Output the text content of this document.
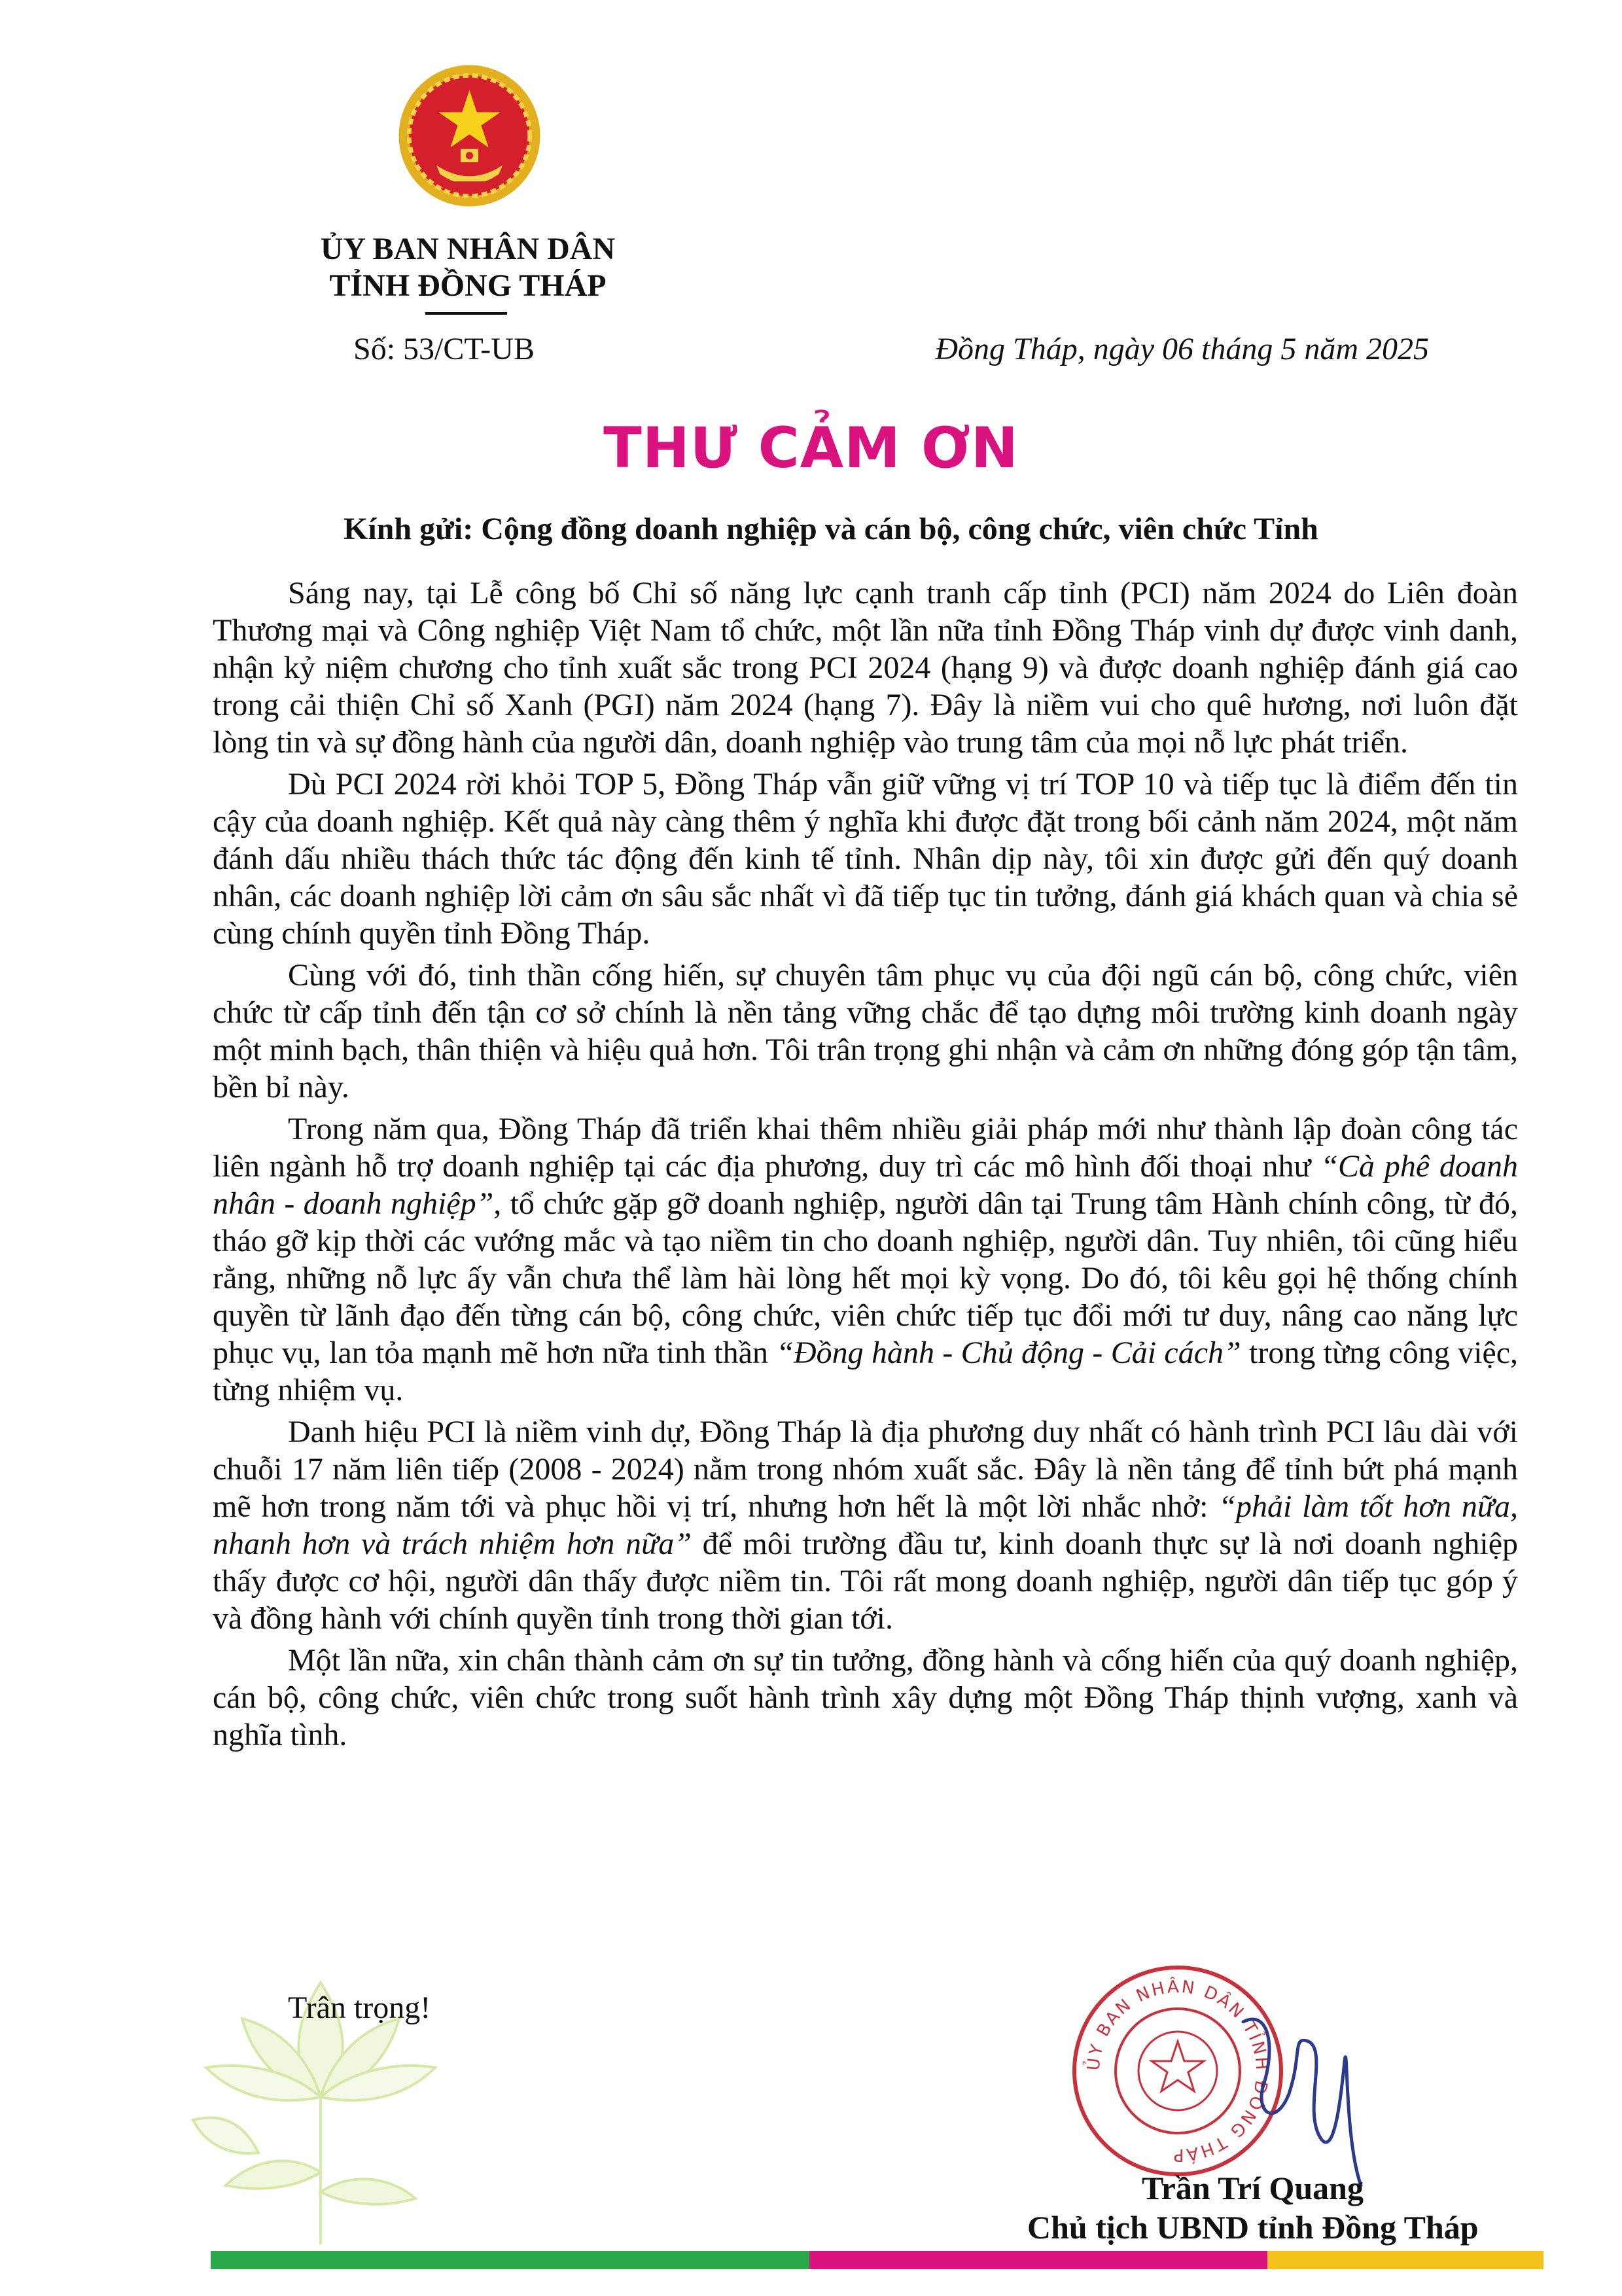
ỦY BAN NHÂN DÂN
TỈNH ĐỒNG THÁP
Số: 53/CT-UB	Đồng Tháp, ngày 06 tháng 5 năm 2025
THƯ CẢM ƠN
Kính gửi: Cộng đồng doanh nghiệp và cán bộ, công chức, viên chức Tỉnh

Sáng nay, tại Lễ công bố Chỉ số năng lực cạnh tranh cấp tỉnh (PCI) năm 2024 do Liên đoàn Thương mại và Công nghiệp Việt Nam tổ chức, một lần nữa tỉnh Đồng Tháp vinh dự được vinh danh, nhận kỷ niệm chương cho tỉnh xuất sắc trong PCI 2024 (hạng 9) và được doanh nghiệp đánh giá cao trong cải thiện Chỉ số Xanh (PGI) năm 2024 (hạng 7). Đây là niềm vui cho quê hương, nơi luôn đặt lòng tin và sự đồng hành của người dân, doanh nghiệp vào trung tâm của mọi nỗ lực phát triển.

Dù PCI 2024 rời khỏi TOP 5, Đồng Tháp vẫn giữ vững vị trí TOP 10 và tiếp tục là điểm đến tin cậy của doanh nghiệp. Kết quả này càng thêm ý nghĩa khi được đặt trong bối cảnh năm 2024, một năm đánh dấu nhiều thách thức tác động đến kinh tế tỉnh. Nhân dịp này, tôi xin được gửi đến quý doanh nhân, các doanh nghiệp lời cảm ơn sâu sắc nhất vì đã tiếp tục tin tưởng, đánh giá khách quan và chia sẻ cùng chính quyền tỉnh Đồng Tháp.

Cùng với đó, tinh thần cống hiến, sự chuyên tâm phục vụ của đội ngũ cán bộ, công chức, viên chức từ cấp tỉnh đến tận cơ sở chính là nền tảng vững chắc để tạo dựng môi trường kinh doanh ngày một minh bạch, thân thiện và hiệu quả hơn. Tôi trân trọng ghi nhận và cảm ơn những đóng góp tận tâm, bền bỉ này.

Trong năm qua, Đồng Tháp đã triển khai thêm nhiều giải pháp mới như thành lập đoàn công tác liên ngành hỗ trợ doanh nghiệp tại các địa phương, duy trì các mô hình đối thoại như “Cà phê doanh nhân - doanh nghiệp”, tổ chức gặp gỡ doanh nghiệp, người dân tại Trung tâm Hành chính công, từ đó, tháo gỡ kịp thời các vướng mắc và tạo niềm tin cho doanh nghiệp, người dân. Tuy nhiên, tôi cũng hiểu rằng, những nỗ lực ấy vẫn chưa thể làm hài lòng hết mọi kỳ vọng. Do đó, tôi kêu gọi hệ thống chính quyền từ lãnh đạo đến từng cán bộ, công chức, viên chức tiếp tục đổi mới tư duy, nâng cao năng lực phục vụ, lan tỏa mạnh mẽ hơn nữa tinh thần “Đồng hành - Chủ động - Cải cách” trong từng công việc, từng nhiệm vụ.

Danh hiệu PCI là niềm vinh dự, Đồng Tháp là địa phương duy nhất có hành trình PCI lâu dài với chuỗi 17 năm liên tiếp (2008 - 2024) nằm trong nhóm xuất sắc. Đây là nền tảng để tỉnh bứt phá mạnh mẽ hơn trong năm tới và phục hồi vị trí, nhưng hơn hết là một lời nhắc nhở: “phải làm tốt hơn nữa, nhanh hơn và trách nhiệm hơn nữa” để môi trường đầu tư, kinh doanh thực sự là nơi doanh nghiệp thấy được cơ hội, người dân thấy được niềm tin. Tôi rất mong doanh nghiệp, người dân tiếp tục góp ý và đồng hành với chính quyền tỉnh trong thời gian tới.

Một lần nữa, xin chân thành cảm ơn sự tin tưởng, đồng hành và cống hiến của quý doanh nghiệp, cán bộ, công chức, viên chức trong suốt hành trình xây dựng một Đồng Tháp thịnh vượng, xanh và nghĩa tình.

Trân trọng!
ỦY BAN NHÂN DÂN TỈNH ĐỒNG THÁP
Trần Trí Quang
Chủ tịch UBND tỉnh Đồng Tháp
